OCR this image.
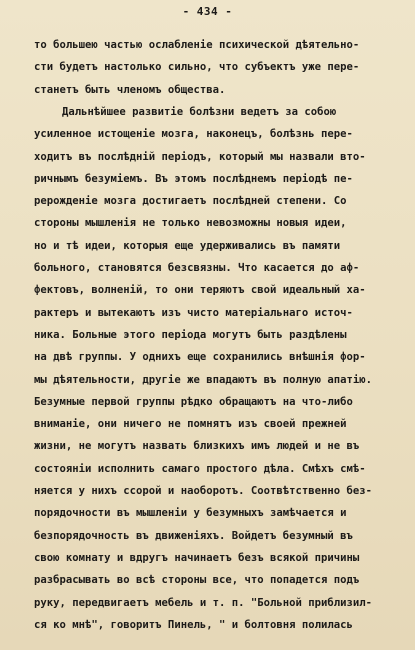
- 434 -
то большею частью ослабленіе психической дѣятельно-
сти будетъ настолько сильно, что субъектъ уже пере-
станетъ быть членомъ общества.
Дальнѣйшее развитіе болѣзни ведетъ за собою
усиленное истощеніе мозга, наконецъ, болѣзнь пере-
ходитъ въ послѣдній періодъ, который мы назвали вто-
ричнымъ безуміемъ. Въ этомъ послѣднемъ періодѣ пе-
рерожденіе мозга достигаетъ послѣдней степени. Со
стороны мышленія не только невозможны новыя идеи,
но и тѣ идеи, которыя еще удерживались въ памяти
больного, становятся безсвязны. Что касается до аф-
фектовъ, волненій, то они теряютъ свой идеальный ха-
рактеръ и вытекаютъ изъ чисто матеріальнаго источ-
ника. Больные этого періода могутъ быть раздѣлены
на двѣ группы. У однихъ еще сохранились внѣшнія фор-
мы дѣятельности, другіе же впадаютъ въ полную апатію.
Безумные первой группы рѣдко обращаютъ на что-либо
вниманіе, они ничего не помнятъ изъ своей прежней
жизни, не могутъ назвать близкихъ имъ людей и не въ
состояніи исполнить самаго простого дѣла. Смѣхъ смѣ-
няется у нихъ ссорой и наоборотъ. Соотвѣтственно без-
порядочности въ мышленіи у безумныхъ замѣчается и
безпорядочность въ движеніяхъ. Войдетъ безумный въ
свою комнату и вдругъ начинаетъ безъ всякой причины
разбрасывать во всѣ стороны все, что попадется подъ
руку, передвигаетъ мебель и т. п. "Больной приблизил-
ся ко мнѣ", говоритъ Пинель, " и болтовня полилась
